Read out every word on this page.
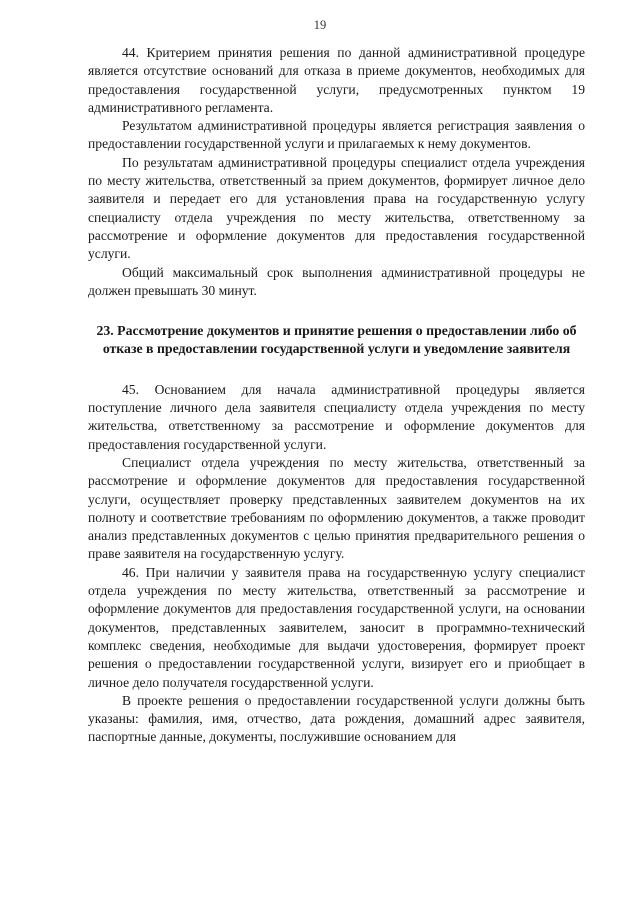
19

44. Критерием принятия решения по данной административной процедуре является отсутствие оснований для отказа в приеме документов, необходимых для предоставления государственной услуги, предусмотренных пунктом 19 административного регламента.

Результатом административной процедуры является регистрация заявления о предоставлении государственной услуги и прилагаемых к нему документов.

По результатам административной процедуры специалист отдела учреждения по месту жительства, ответственный за прием документов, формирует личное дело заявителя и передает его для установления права на государственную услугу специалисту отдела учреждения по месту жительства, ответственному за рассмотрение и оформление документов для предоставления государственной услуги.

Общий максимальный срок выполнения административной процедуры не должен превышать 30 минут.

23. Рассмотрение документов и принятие решения о предоставлении либо об отказе в предоставлении государственной услуги и уведомление заявителя

45. Основанием для начала административной процедуры является поступление личного дела заявителя специалисту отдела учреждения по месту жительства, ответственному за рассмотрение и оформление документов для предоставления государственной услуги.

Специалист отдела учреждения по месту жительства, ответственный за рассмотрение и оформление документов для предоставления государственной услуги, осуществляет проверку представленных заявителем документов на их полноту и соответствие требованиям по оформлению документов, а также проводит анализ представленных документов с целью принятия предварительного решения о праве заявителя на государственную услугу.

46. При наличии у заявителя права на государственную услугу специалист отдела учреждения по месту жительства, ответственный за рассмотрение и оформление документов для предоставления государственной услуги, на основании документов, представленных заявителем, заносит в программно-технический комплекс сведения, необходимые для выдачи удостоверения, формирует проект решения о предоставлении государственной услуги, визирует его и приобщает в личное дело получателя государственной услуги.

В проекте решения о предоставлении государственной услуги должны быть указаны: фамилия, имя, отчество, дата рождения, домашний адрес заявителя, паспортные данные, документы, послужившие основанием для
